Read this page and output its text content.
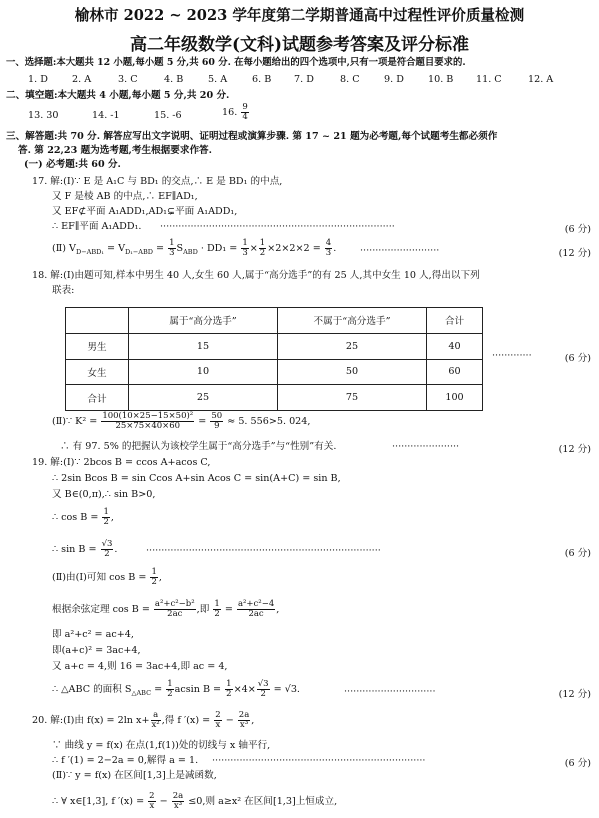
榆林市 2022 ~ 2023 学年度第二学期普通高中过程性评价质量检测
高二年级数学(文科)试题参考答案及评分标准
一、选择题:本大题共 12 小题,每小题 5 分,共 60 分. 在每小题给出的四个选项中,只有一项是符合题目要求的.
1. D	2. A	3. C	4. B	5. A	6. B 7. D	8. C	9. D	10. B 11. C	12. A
二、填空题:本大题共 4 小题,每小题 5 分,共 20 分.
13. 30	14. -1	15. -6	16. $\frac{9}{4}$
三、解答题:共 70 分. 解答应写出文字说明、证明过程或演算步骤. 第 17 ~ 21 题为必考题,每个试题考生都必须作
答. 第 22,23 题为选考题,考生根据要求作答.
(一) 必考题:共 60 分.
17. 解:(Ⅰ)∵ E 是 A₁C 与 BD₁ 的交点,∴ E 是 BD₁ 的中点,
又 F 是棱 AB 的中点,∴ EF∥AD₁,
又 EF⊄平面 A₁ADD₁,AD₁⊊平面 A₁ADD₁,
∴ EF∥平面 A₁ADD₁. ·············································································	(6 分)
(Ⅱ) $V_{D-ABD_1} = V_{D_1-ABD} = \frac{1}{3} S_{ABD} \cdot DD_1 = \frac{1}{3} \times \frac{1}{2} \times 2\times 2\times 2 = \frac{4}{3}$ . ··························	(12 分)
18. 解:(Ⅰ)由题可知,样本中男生 40 人,女生 60 人,属于“高分选手”的有 25 人,其中女生 10 人,得出以下列
联表:
	属于“高分选手”	不属于“高分选手”	合计
男生	15	25	40
女生	10	50	60
合计	25	75	100
·············	(6 分)
(Ⅱ)∵ $K^2 = \frac{\text{100(10×25−15×50)²}}{25\times 75\times 40\times 60} = \frac{50}{9} \approx 5$. 556>5. 024,
∴ 有 97. 5% 的把握认为该校学生属于“高分选手”与“性别”有关.	······················	(12 分)
19. 解:(Ⅰ)∵ 2bcos B = ccos A+acos C,
∴ 2sin Bcos B = sin Ccos A+sin Acos C = sin(A+C) = sin B,
又 B∈(0,π),∴ sin B>0,
∴ $\cos B = \frac{1}{2}$ ,
∴ $\sin B = \frac{√3}{2}$ .	·············································································	(6 分)
(Ⅱ)由(Ⅰ)可知 $\cos B = \frac{1}{2}$ ,
根据余弦定理 $\cos B = \frac{\text{a²+c²−b²}}{2ac}$ ,即 $\frac{1}{2} = \frac{\text{a²+c²−4}}{2ac}$ ,
即 a²+c² = ac+4,
即(a+c)² = 3ac+4,
又 a+c = 4,则 16 = 3ac+4,即 ac = 4,
∴ △ABC 的面积 $S_{\triangle ABC} = \frac{1}{2}$ acsin $B = \frac{1}{2} \times 4\times \frac{√3}{2} = √3$.	······························	(12 分)
20. 解:(Ⅰ)由 f(x) = 2ln $x+ \frac{a}{\text{x²}}$ ,得 f $'(x) = \frac{2}{x} - \frac{2a}{\text{x³}}$ ,
∵ 曲线 y = f(x) 在点(1,f(1))处的切线与 x 轴平行,
∴ f ′(1) = 2−2a = 0,解得 a = 1. ······································································	(6 分)
(Ⅱ)∵ y = f(x) 在区间[1,3]上是减函数,
∴ ∀ x∈[1,3], f $'(x) = \frac{2}{x} - \frac{2a}{\text{x³}} \le 0$,则 a≥x² 在区间[1,3]上恒成立,
